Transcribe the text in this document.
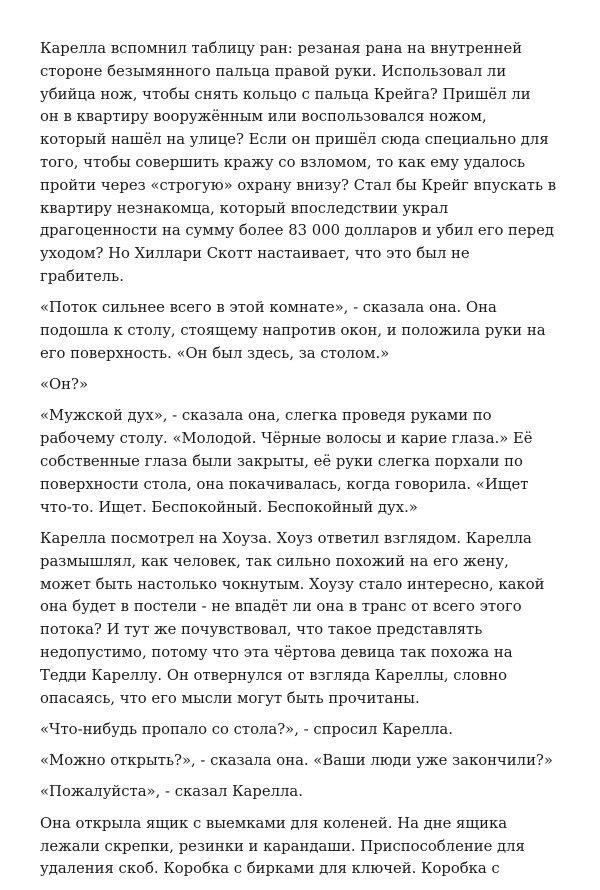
Карелла вспомнил таблицу ран: резаная рана на внутренней
стороне безымянного пальца правой руки. Использовал ли
убийца нож, чтобы снять кольцо с пальца Крейга? Пришёл ли
он в квартиру вооружённым или воспользовался ножом,
который нашёл на улице? Если он пришёл сюда специально для
того, чтобы совершить кражу со взломом, то как ему удалось
пройти через «строгую» охрану внизу? Стал бы Крейг впускать в
квартиру незнакомца, который впоследствии украл
драгоценности на сумму более 83 000 долларов и убил его перед
уходом? Но Хиллари Скотт настаивает, что это был не
грабитель.

«Поток сильнее всего в этой комнате», - сказала она. Она
подошла к столу, стоящему напротив окон, и положила руки на
его поверхность. «Он был здесь, за столом.»

«Он?»

«Мужской дух», - сказала она, слегка проведя руками по
рабочему столу. «Молодой. Чёрные волосы и карие глаза.» Её
собственные глаза были закрыты, её руки слегка порхали по
поверхности стола, она покачивалась, когда говорила. «Ищет
что-то. Ищет. Беспокойный. Беспокойный дух.»

Карелла посмотрел на Хоуза. Хоуз ответил взглядом. Карелла
размышлял, как человек, так сильно похожий на его жену,
может быть настолько чокнутым. Хоузу стало интересно, какой
она будет в постели - не впадёт ли она в транс от всего этого
потока? И тут же почувствовал, что такое представлять
недопустимо, потому что эта чёртова девица так похожа на
Тедди Кареллу. Он отвернулся от взгляда Кареллы, словно
опасаясь, что его мысли могут быть прочитаны.

«Что-нибудь пропало со стола?», - спросил Карелла.

«Можно открыть?», - сказала она. «Ваши люди уже закончили?»

«Пожалуйста», - сказал Карелла.

Она открыла ящик с выемками для коленей. На дне ящика
лежали скрепки, резинки и карандаши. Приспособление для
удаления скоб. Коробка с бирками для ключей. Коробка с
